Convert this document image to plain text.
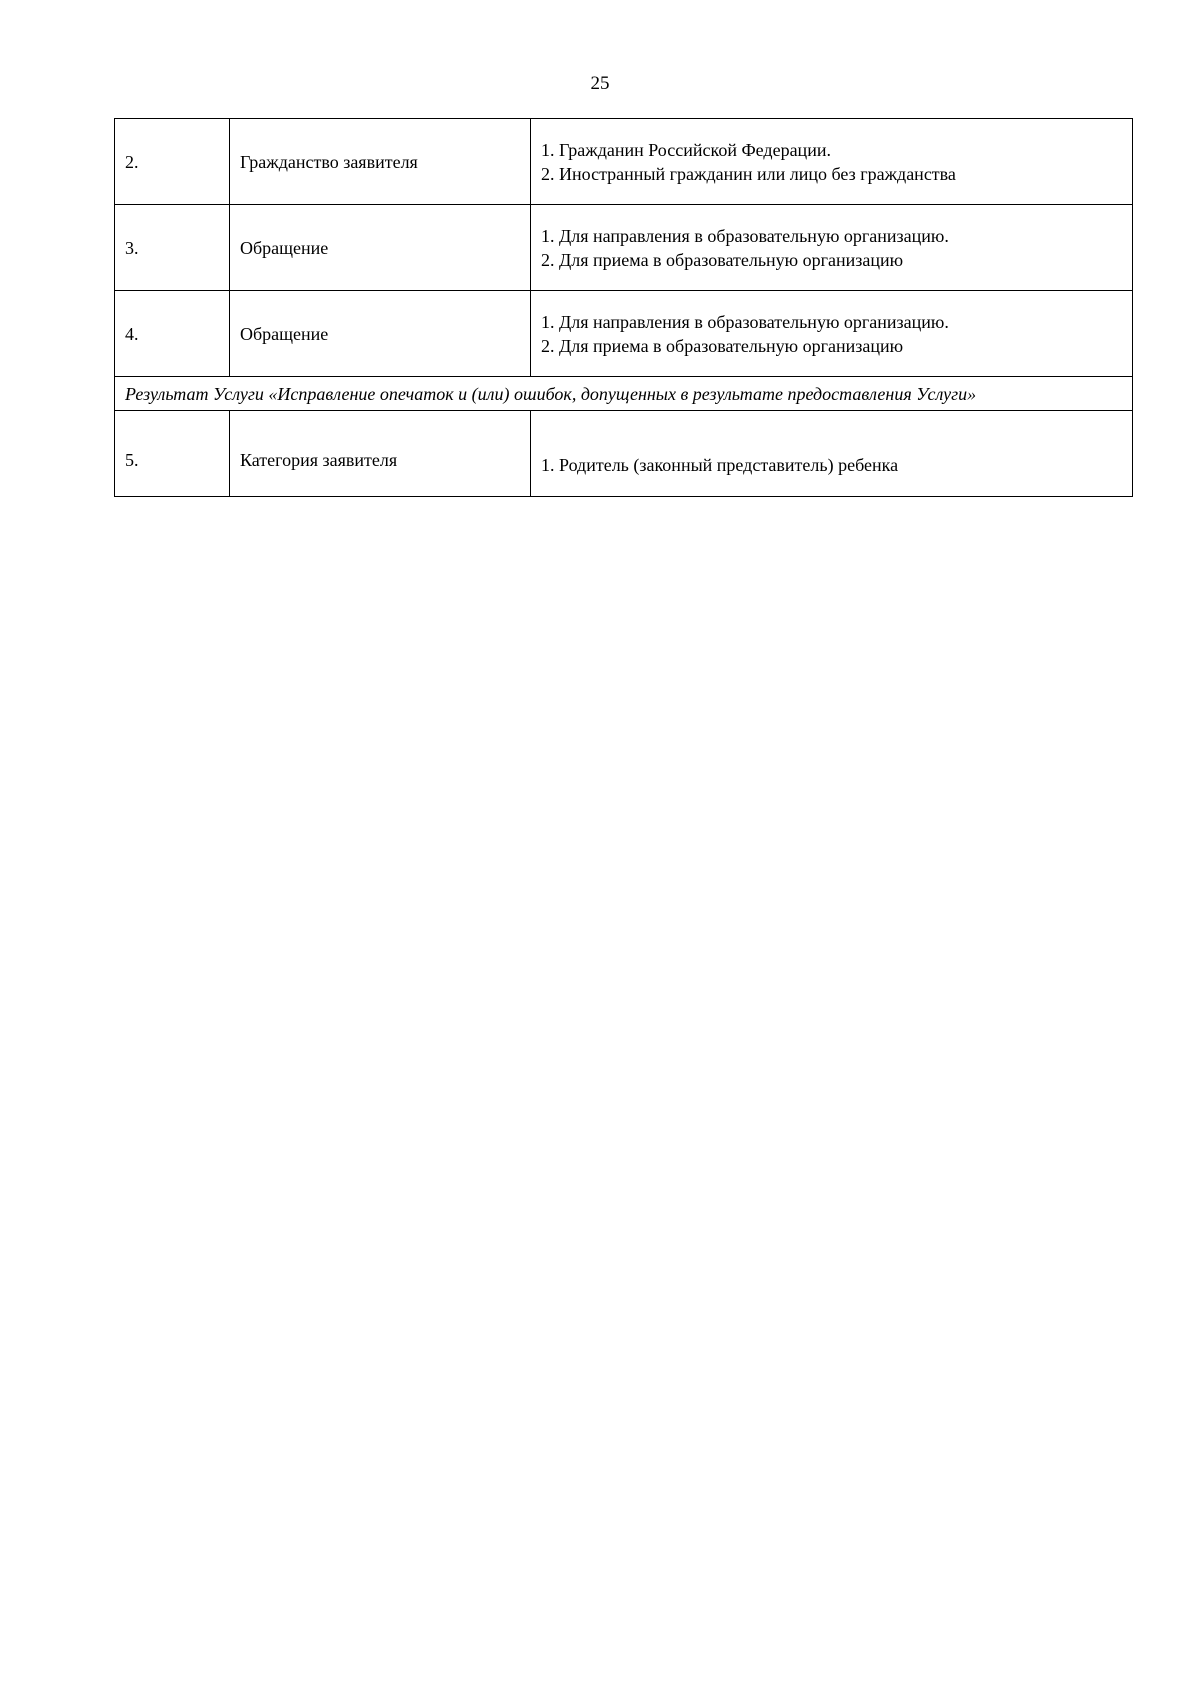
25
2.	Гражданство заявителя	1. Гражданин Российской Федерации.
2. Иностранный гражданин или лицо без гражданства

3.	Обращение	1. Для направления в образовательную организацию.
2. Для приема в образовательную организацию

4.	Обращение	1. Для направления в образовательную организацию.
2. Для приема в образовательную организацию

Результат Услуги «Исправление опечаток и (или) ошибок, допущенных в результате предоставления Услуги»		
5.	Категория заявителя	1. Родитель (законный представитель) ребенка
